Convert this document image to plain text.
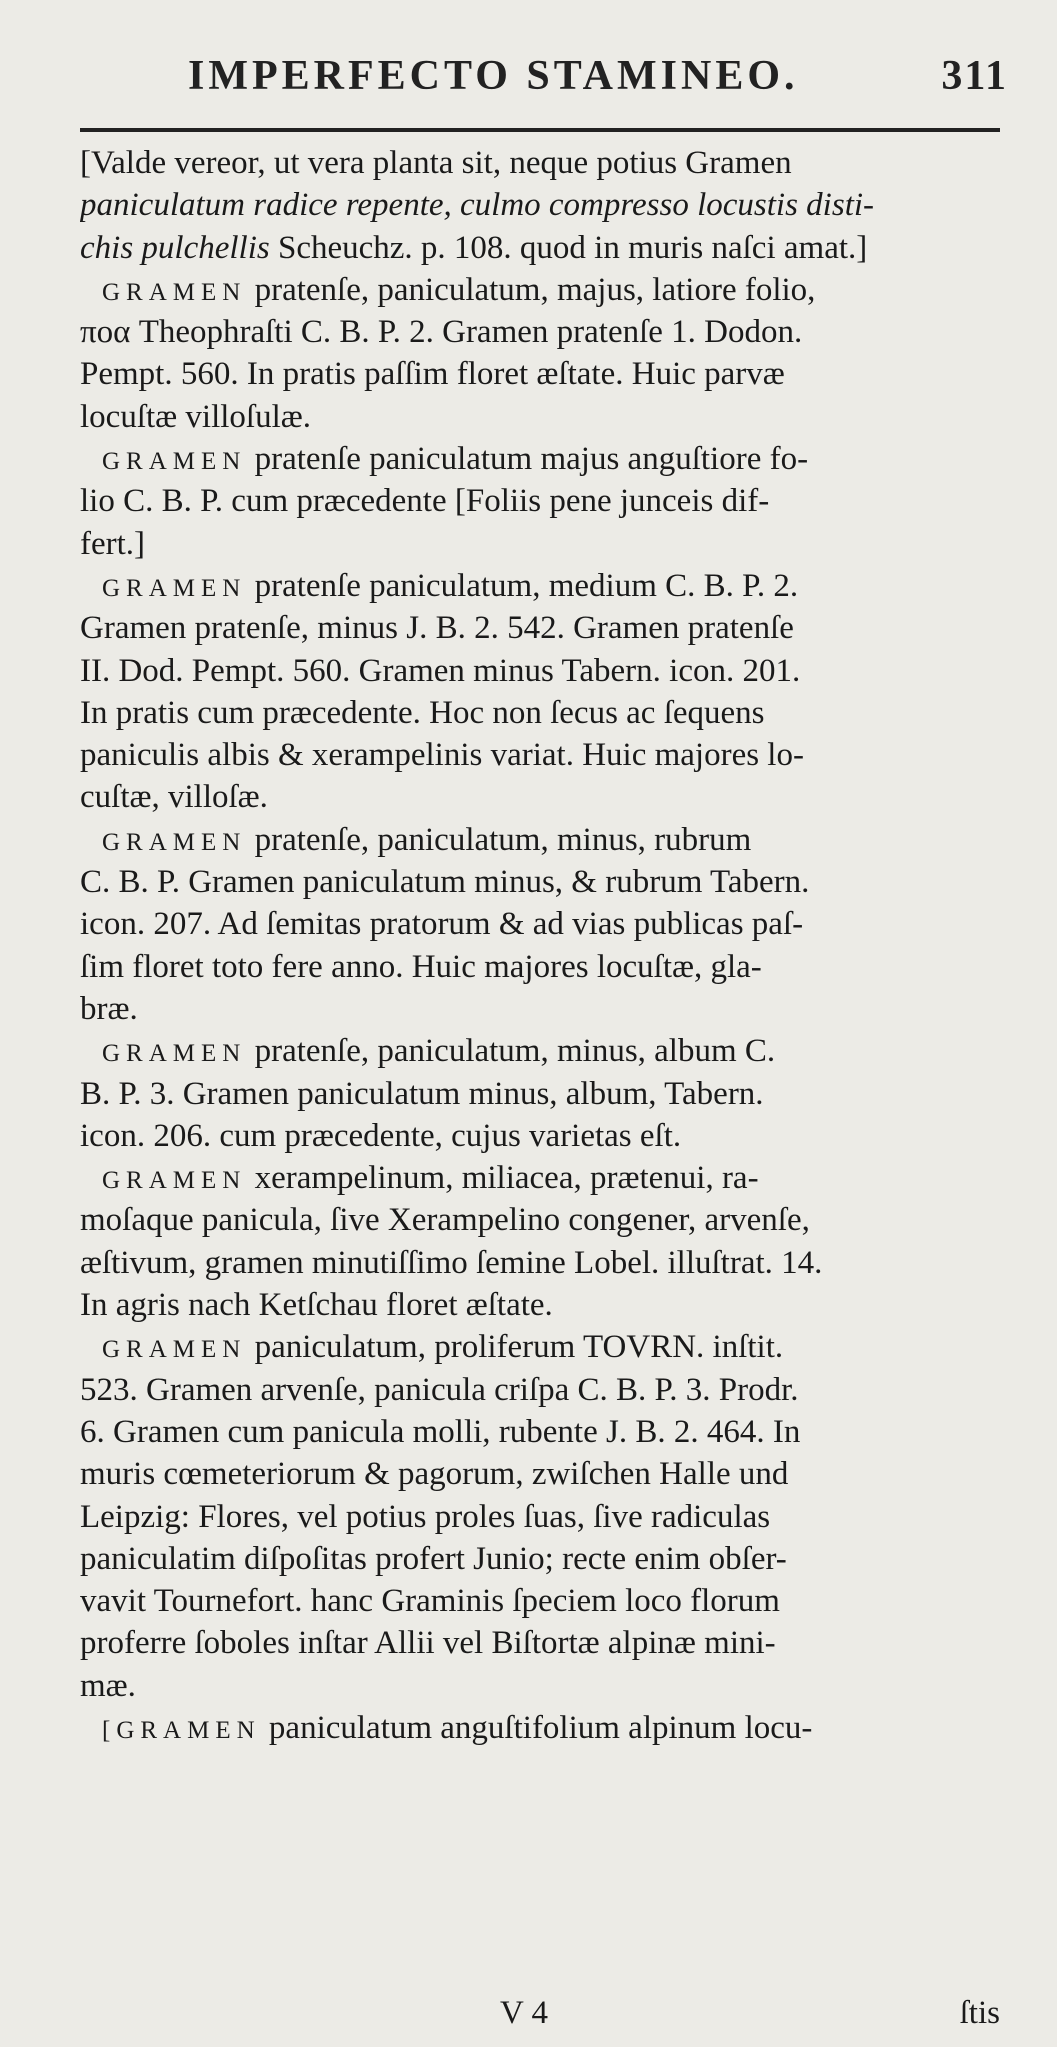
IMPERFECTO STAMINEO.	311
[Valde vereor, ut vera planta sit, neque potius Gramen
paniculatum radice repente, culmo compresso locustis disti-
chis pulchellis Scheuchz. p. 108. quod in muris naſci amat.]
GRAMEN pratenſe, paniculatum, majus, latiore folio,
ποα Theophraſti C. B. P. 2. Gramen pratenſe 1. Dodon.
Pempt. 560. In pratis paſſim floret æſtate. Huic parvæ
locuſtæ villoſulæ.
GRAMEN pratenſe paniculatum majus anguſtiore fo-
lio C. B. P. cum præcedente [Foliis pene junceis dif-
fert.]
GRAMEN pratenſe paniculatum, medium C. B. P. 2.
Gramen pratenſe, minus J. B. 2. 542. Gramen pratenſe
II. Dod. Pempt. 560. Gramen minus Tabern. icon. 201.
In pratis cum præcedente. Hoc non ſecus ac ſequens
paniculis albis & xerampelinis variat. Huic majores lo-
cuſtæ, villoſæ.
GRAMEN pratenſe, paniculatum, minus, rubrum
C. B. P. Gramen paniculatum minus, & rubrum Tabern.
icon. 207. Ad ſemitas pratorum & ad vias publicas paſ-
ſim floret toto fere anno. Huic majores locuſtæ, gla-
bræ.
GRAMEN pratenſe, paniculatum, minus, album C.
B. P. 3. Gramen paniculatum minus, album, Tabern.
icon. 206. cum præcedente, cujus varietas eſt.
GRAMEN xerampelinum, miliacea, prætenui, ra-
moſaque panicula, ſive Xerampelino congener, arvenſe,
æſtivum, gramen minutiſſimo ſemine Lobel. illuſtrat. 14.
In agris nach Ketſchau floret æſtate.
GRAMEN paniculatum, proliferum TOVRN. inſtit.
523. Gramen arvenſe, panicula criſpa C. B. P. 3. Prodr.
6. Gramen cum panicula molli, rubente J. B. 2. 464. In
muris cœmeteriorum & pagorum, zwiſchen Halle und
Leipzig: Flores, vel potius proles ſuas, ſive radiculas
paniculatim diſpoſitas profert Junio; recte enim obſer-
vavit Tournefort. hanc Graminis ſpeciem loco florum
proferre ſoboles inſtar Allii vel Biſtortæ alpinæ mini-
mæ.
[GRAMEN paniculatum anguſtifolium alpinum locu-
V 4	ſtis
